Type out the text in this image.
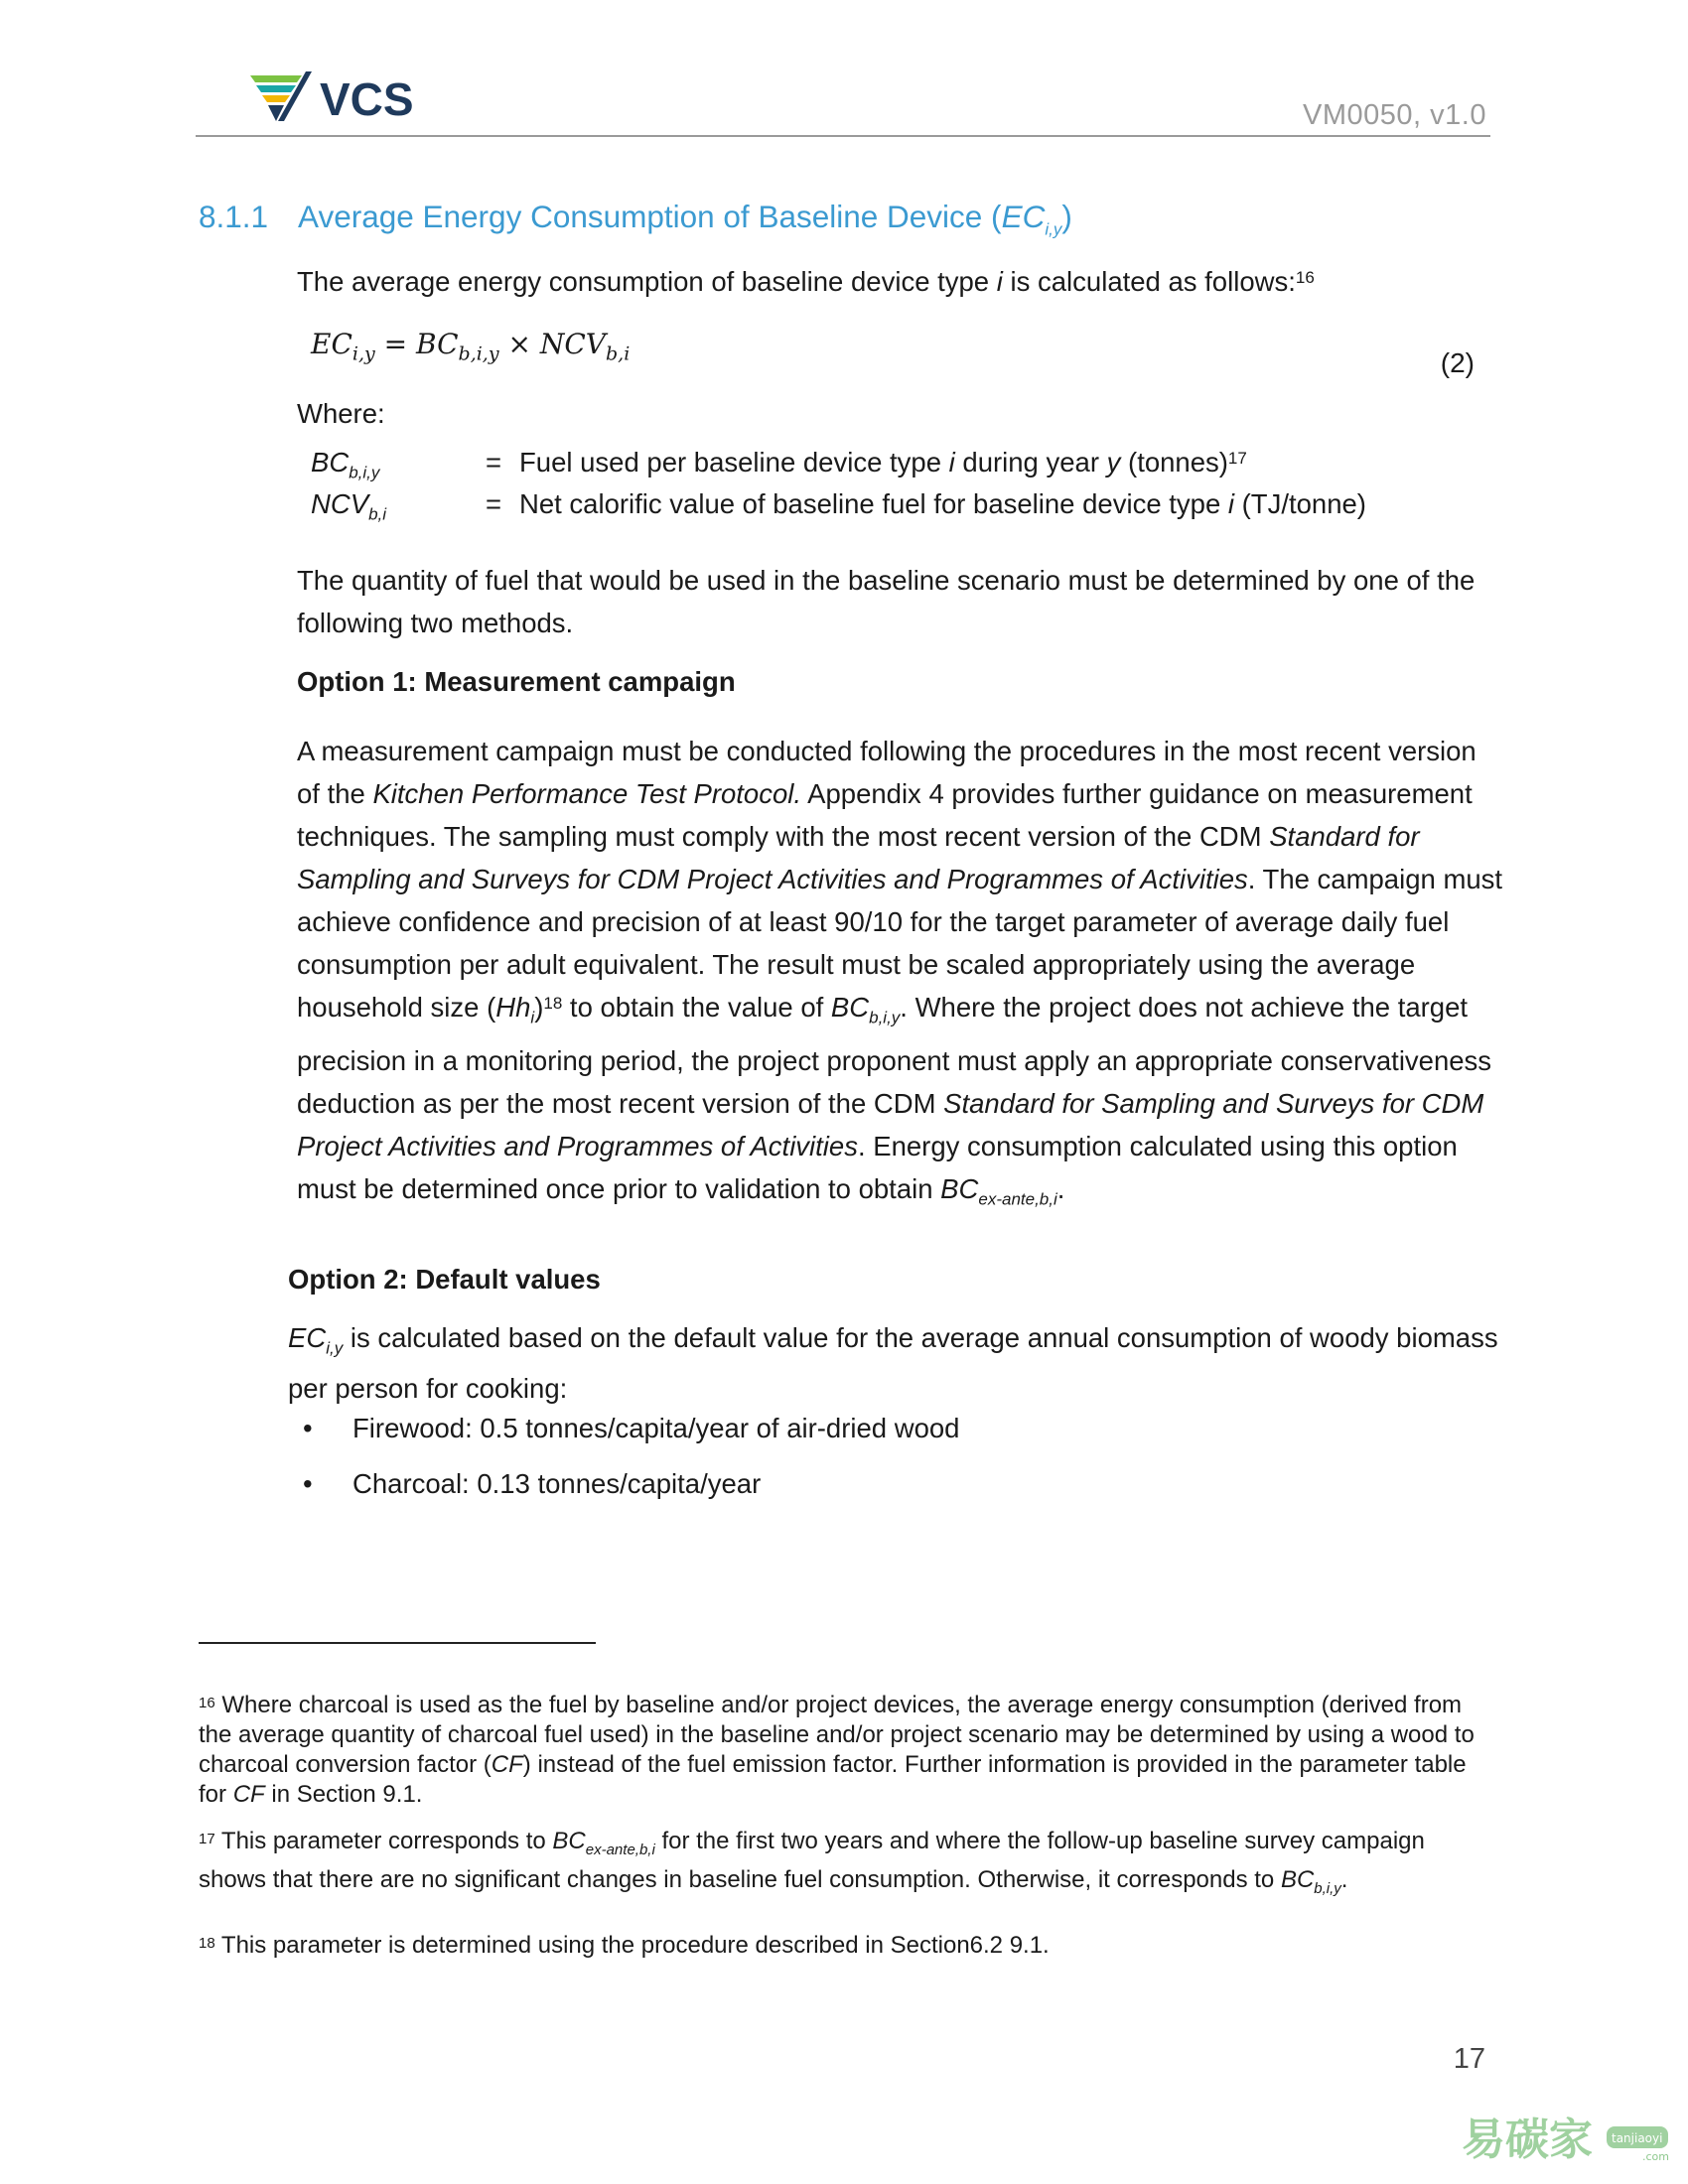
VCS	VM0050, v1.0
8.1.1 Average Energy Consumption of Baseline Device $(EC_{i,y})$
The average energy consumption of baseline device type i is calculated as follows:$^{16}$
$EC_{i,y} = BC_{b,i,y} \times NCV_{b,i}$	(2)
Where:
$BC_{b,i,y}$	= Fuel used per baseline device type i during year y (tonnes)$^{17}$
$NCV_{b,i}$	= Net calorific value of baseline fuel for baseline device type i (TJ/tonne)
The quantity of fuel that would be used in the baseline scenario must be determined by one of the following two methods.
Option 1: Measurement campaign
A measurement campaign must be conducted following the procedures in the most recent version of the Kitchen Performance Test Protocol. Appendix 4 provides further guidance on measurement techniques. The sampling must comply with the most recent version of the CDM Standard for Sampling and Surveys for CDM Project Activities and Programmes of Activities. The campaign must achieve confidence and precision of at least 90/10 for the target parameter of average daily fuel consumption per adult equivalent. The result must be scaled appropriately using the average household size $(Hh_i)^{18}$ to obtain the value of $BC_{b,i,y}$. Where the project does not achieve the target precision in a monitoring period, the project proponent must apply an appropriate conservativeness deduction as per the most recent version of the CDM Standard for Sampling and Surveys for CDM Project Activities and Programmes of Activities. Energy consumption calculated using this option must be determined once prior to validation to obtain $BC_{ex-ante,b,i}$.
Option 2: Default values
$EC_{i,y}$ is calculated based on the default value for the average annual consumption of woody biomass per person for cooking:
• Firewood: 0.5 tonnes/capita/year of air-dried wood
• Charcoal: 0.13 tonnes/capita/year
$^{16}$ Where charcoal is used as the fuel by baseline and/or project devices, the average energy consumption (derived from the average quantity of charcoal fuel used) in the baseline and/or project scenario may be determined by using a wood to charcoal conversion factor (CF) instead of the fuel emission factor. Further information is provided in the parameter table for CF in Section 9.1.
$^{17}$ This parameter corresponds to $BC_{ex-ante,b,i}$ for the first two years and where the follow-up baseline survey campaign shows that there are no significant changes in baseline fuel consumption. Otherwise, it corresponds to $BC_{b,i,y}$.
$^{18}$ This parameter is determined using the procedure described in Section6.2 9.1.
17
易碳家 tanjiaoyi
.com
